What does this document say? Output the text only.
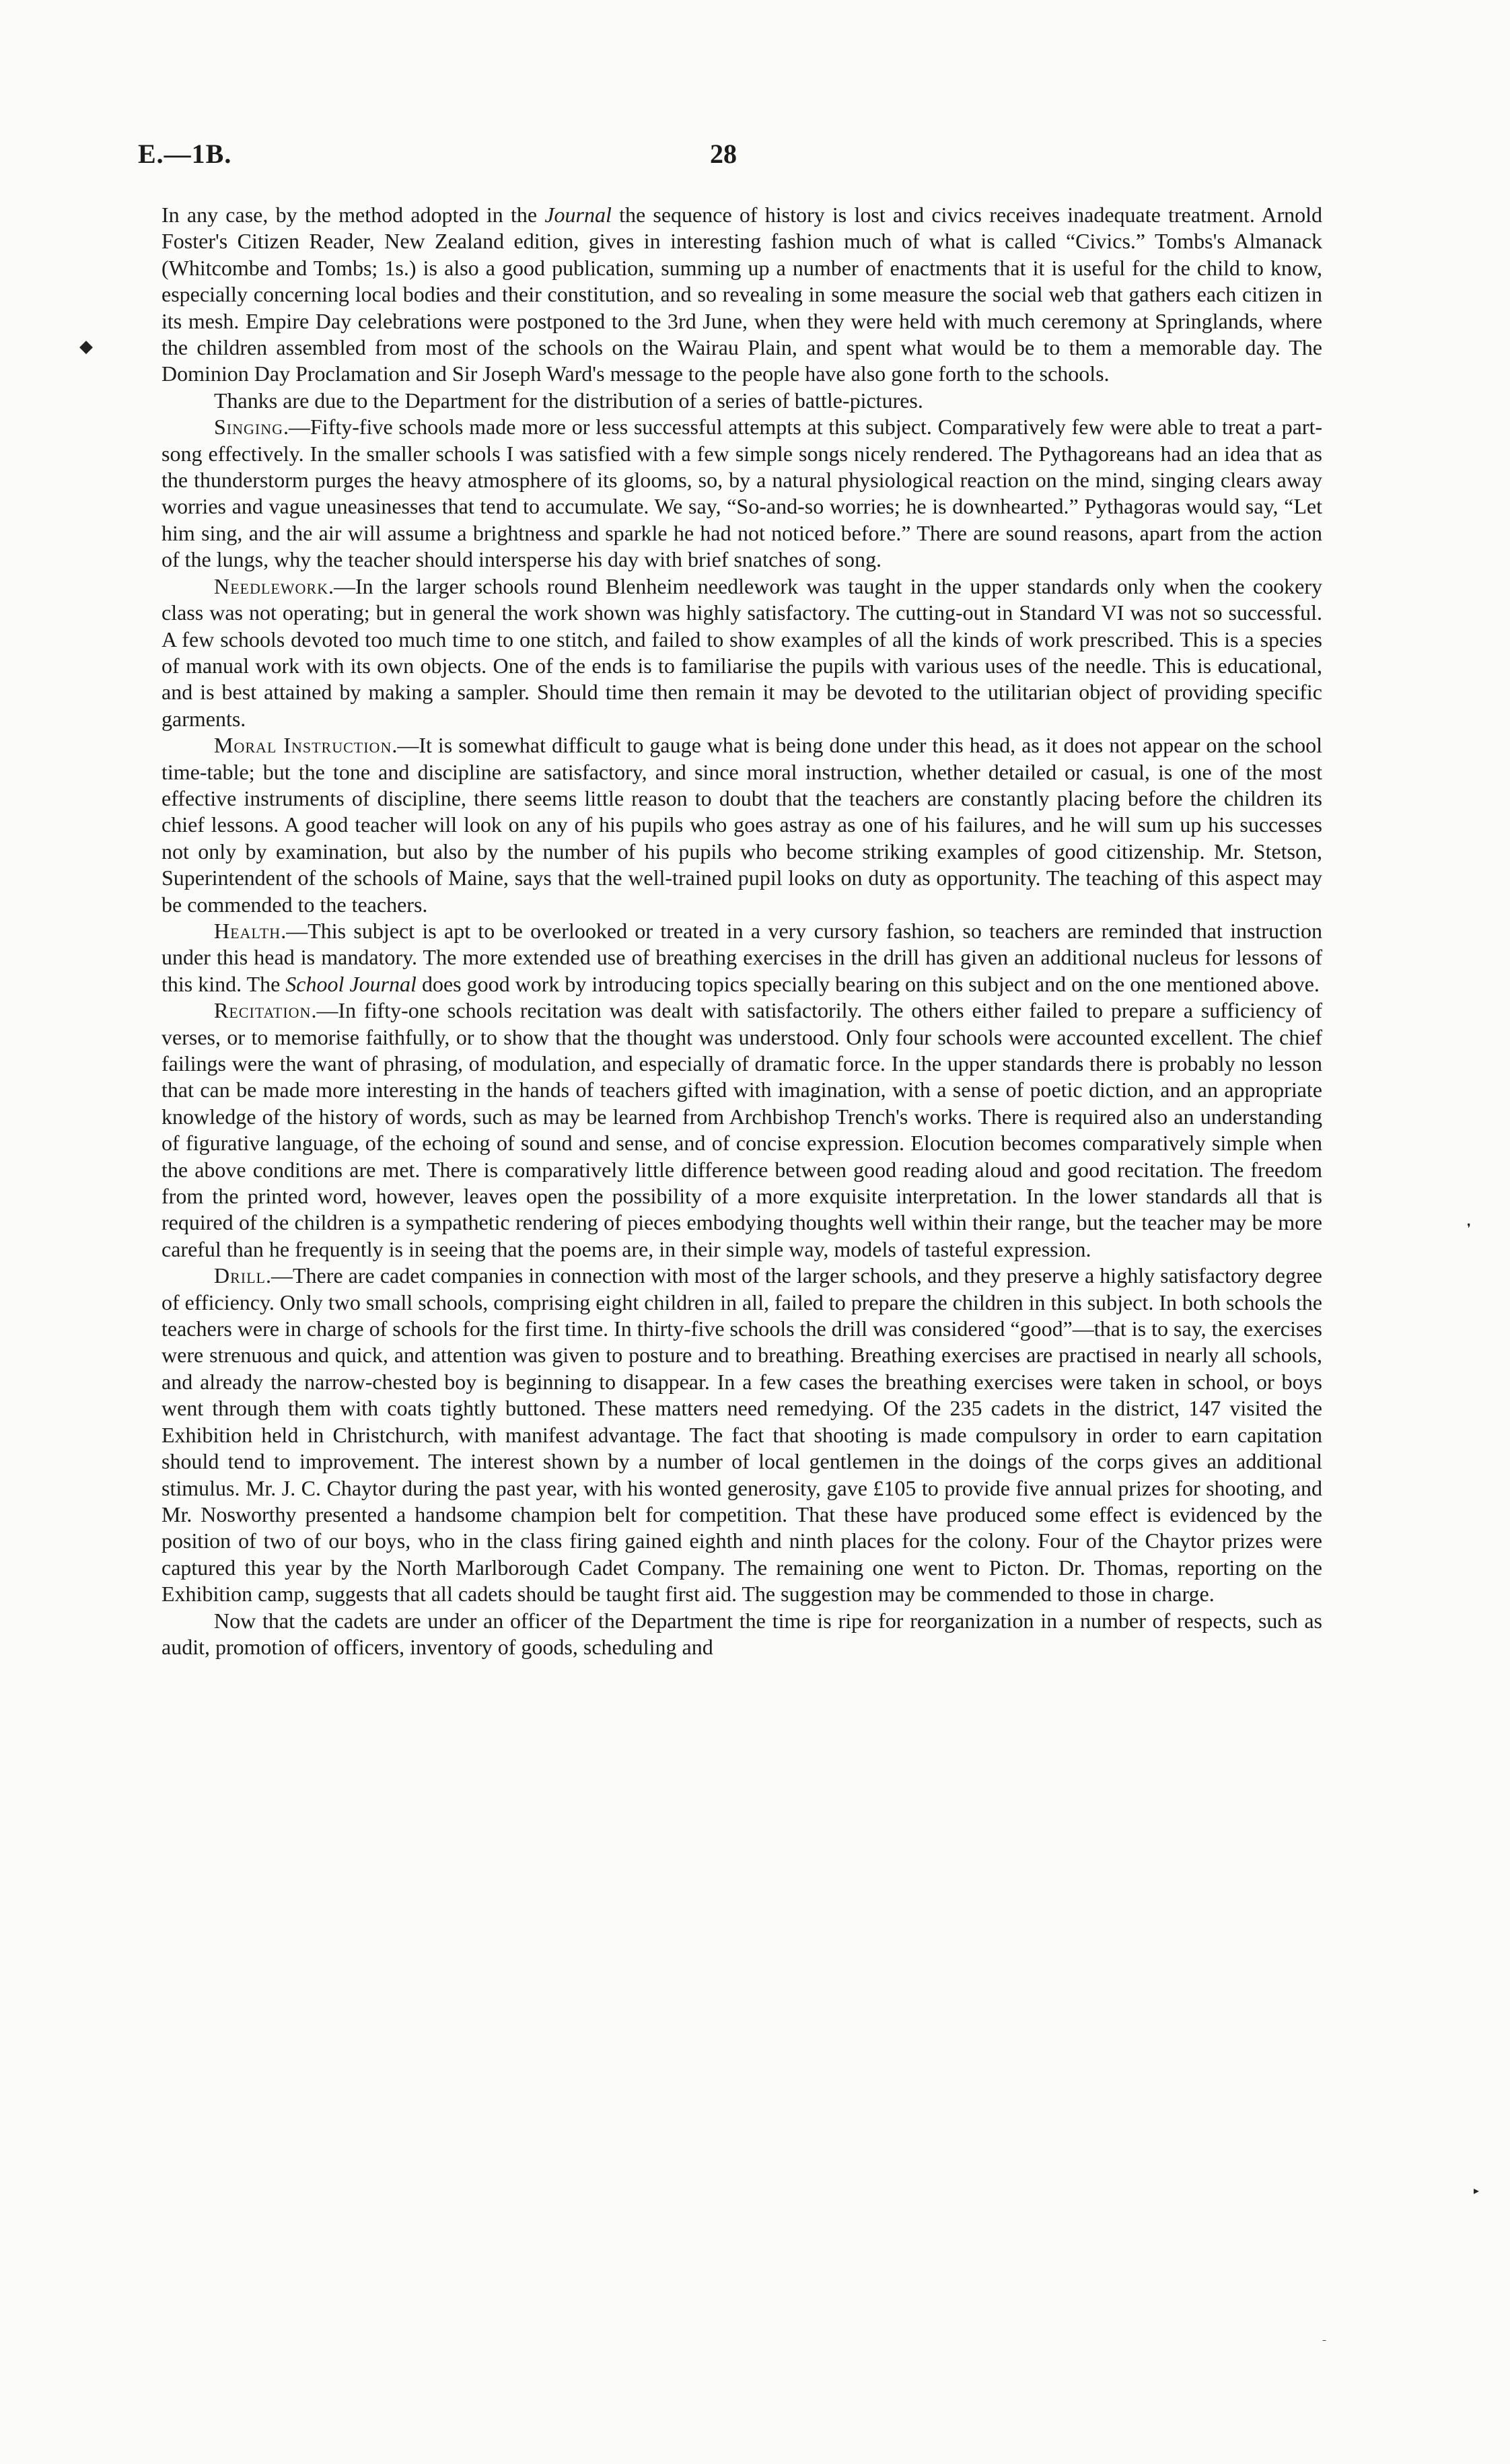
E.—1B.	28

In any case, by the method adopted in the Journal the sequence of history is lost and civics receives inadequate treatment. Arnold Foster's Citizen Reader, New Zealand edition, gives in interesting fashion much of what is called “Civics.” Tombs's Almanack (Whitcombe and Tombs; 1s.) is also a good publication, summing up a number of enactments that it is useful for the child to know, especially concerning local bodies and their constitution, and so revealing in some measure the social web that gathers each citizen in its mesh. Empire Day celebrations were postponed to the 3rd June, when they were held with much ceremony at Springlands, where the children assembled from most of the schools on the Wairau Plain, and spent what would be to them a memorable day. The Dominion Day Proclamation and Sir Joseph Ward's message to the people have also gone forth to the schools.

Thanks are due to the Department for the distribution of a series of battle-pictures.

Singing.—Fifty-five schools made more or less successful attempts at this subject. Comparatively few were able to treat a part-song effectively. In the smaller schools I was satisfied with a few simple songs nicely rendered. The Pythagoreans had an idea that as the thunderstorm purges the heavy atmosphere of its glooms, so, by a natural physiological reaction on the mind, singing clears away worries and vague uneasinesses that tend to accumulate. We say, “So-and-so worries; he is downhearted.” Pythagoras would say, “Let him sing, and the air will assume a brightness and sparkle he had not noticed before.” There are sound reasons, apart from the action of the lungs, why the teacher should intersperse his day with brief snatches of song.

Needlework.—In the larger schools round Blenheim needlework was taught in the upper standards only when the cookery class was not operating; but in general the work shown was highly satisfactory. The cutting-out in Standard VI was not so successful. A few schools devoted too much time to one stitch, and failed to show examples of all the kinds of work prescribed. This is a species of manual work with its own objects. One of the ends is to familiarise the pupils with various uses of the needle. This is educational, and is best attained by making a sampler. Should time then remain it may be devoted to the utilitarian object of providing specific garments.

Moral Instruction.—It is somewhat difficult to gauge what is being done under this head, as it does not appear on the school time-table; but the tone and discipline are satisfactory, and since moral instruction, whether detailed or casual, is one of the most effective instruments of discipline, there seems little reason to doubt that the teachers are constantly placing before the children its chief lessons. A good teacher will look on any of his pupils who goes astray as one of his failures, and he will sum up his successes not only by examination, but also by the number of his pupils who become striking examples of good citizenship. Mr. Stetson, Superintendent of the schools of Maine, says that the well-trained pupil looks on duty as opportunity. The teaching of this aspect may be commended to the teachers.

Health.—This subject is apt to be overlooked or treated in a very cursory fashion, so teachers are reminded that instruction under this head is mandatory. The more extended use of breathing exercises in the drill has given an additional nucleus for lessons of this kind. The School Journal does good work by introducing topics specially bearing on this subject and on the one mentioned above.

Recitation.—In fifty-one schools recitation was dealt with satisfactorily. The others either failed to prepare a sufficiency of verses, or to memorise faithfully, or to show that the thought was understood. Only four schools were accounted excellent. The chief failings were the want of phrasing, of modulation, and especially of dramatic force. In the upper standards there is probably no lesson that can be made more interesting in the hands of teachers gifted with imagination, with a sense of poetic diction, and an appropriate knowledge of the history of words, such as may be learned from Archbishop Trench's works. There is required also an understanding of figurative language, of the echoing of sound and sense, and of concise expression. Elocution becomes comparatively simple when the above conditions are met. There is comparatively little difference between good reading aloud and good recitation. The freedom from the printed word, however, leaves open the possibility of a more exquisite interpretation. In the lower standards all that is required of the children is a sympathetic rendering of pieces embodying thoughts well within their range, but the teacher may be more careful than he frequently is in seeing that the poems are, in their simple way, models of tasteful expression.

Drill.—There are cadet companies in connection with most of the larger schools, and they preserve a highly satisfactory degree of efficiency. Only two small schools, comprising eight children in all, failed to prepare the children in this subject. In both schools the teachers were in charge of schools for the first time. In thirty-five schools the drill was considered “good”—that is to say, the exercises were strenuous and quick, and attention was given to posture and to breathing. Breathing exercises are practised in nearly all schools, and already the narrow-chested boy is beginning to disappear. In a few cases the breathing exercises were taken in school, or boys went through them with coats tightly buttoned. These matters need remedying. Of the 235 cadets in the district, 147 visited the Exhibition held in Christchurch, with manifest advantage. The fact that shooting is made compulsory in order to earn capitation should tend to improvement. The interest shown by a number of local gentlemen in the doings of the corps gives an additional stimulus. Mr. J. C. Chaytor during the past year, with his wonted generosity, gave £105 to provide five annual prizes for shooting, and Mr. Nosworthy presented a handsome champion belt for competition. That these have produced some effect is evidenced by the position of two of our boys, who in the class firing gained eighth and ninth places for the colony. Four of the Chaytor prizes were captured this year by the North Marlborough Cadet Company. The remaining one went to Picton. Dr. Thomas, reporting on the Exhibition camp, suggests that all cadets should be taught first aid. The suggestion may be commended to those in charge.

Now that the cadets are under an officer of the Department the time is ripe for reorganization in a number of respects, such as audit, promotion of officers, inventory of goods, scheduling and

◆
❜
▸
–
